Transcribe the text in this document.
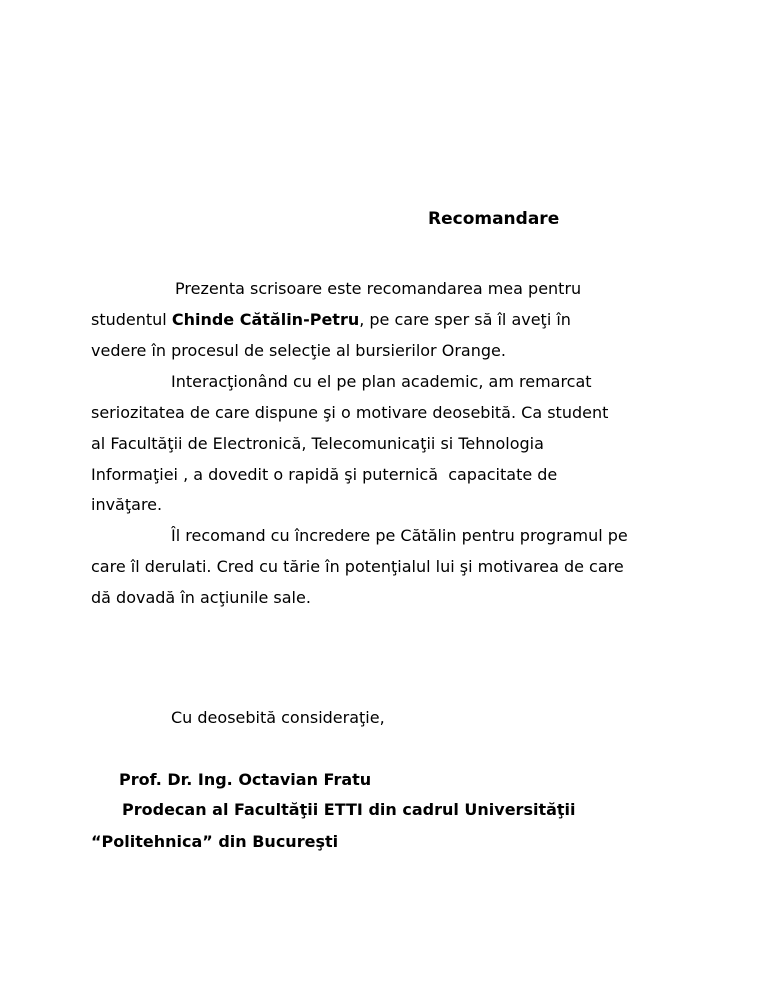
Recomandare
Prezenta scrisoare este recomandarea mea pentru
studentul Chinde Cătălin-Petru, pe care sper să îl aveţi în
vedere în procesul de selecţie al bursierilor Orange.
Interacţionând cu el pe plan academic, am remarcat
seriozitatea de care dispune şi o motivare deosebită. Ca student
al Facultăţii de Electronică, Telecomunicaţii si Tehnologia
Informaţiei , a dovedit o rapidă şi puternică  capacitate de
invăţare.
Îl recomand cu încredere pe Cătălin pentru programul pe
care îl derulati. Cred cu tărie în potenţialul lui şi motivarea de care
dă dovadă în acţiunile sale.
Cu deosebită consideraţie,
Prof. Dr. Ing. Octavian Fratu
Prodecan al Facultăţii ETTI din cadrul Universităţii
“Politehnica” din Bucureşti
